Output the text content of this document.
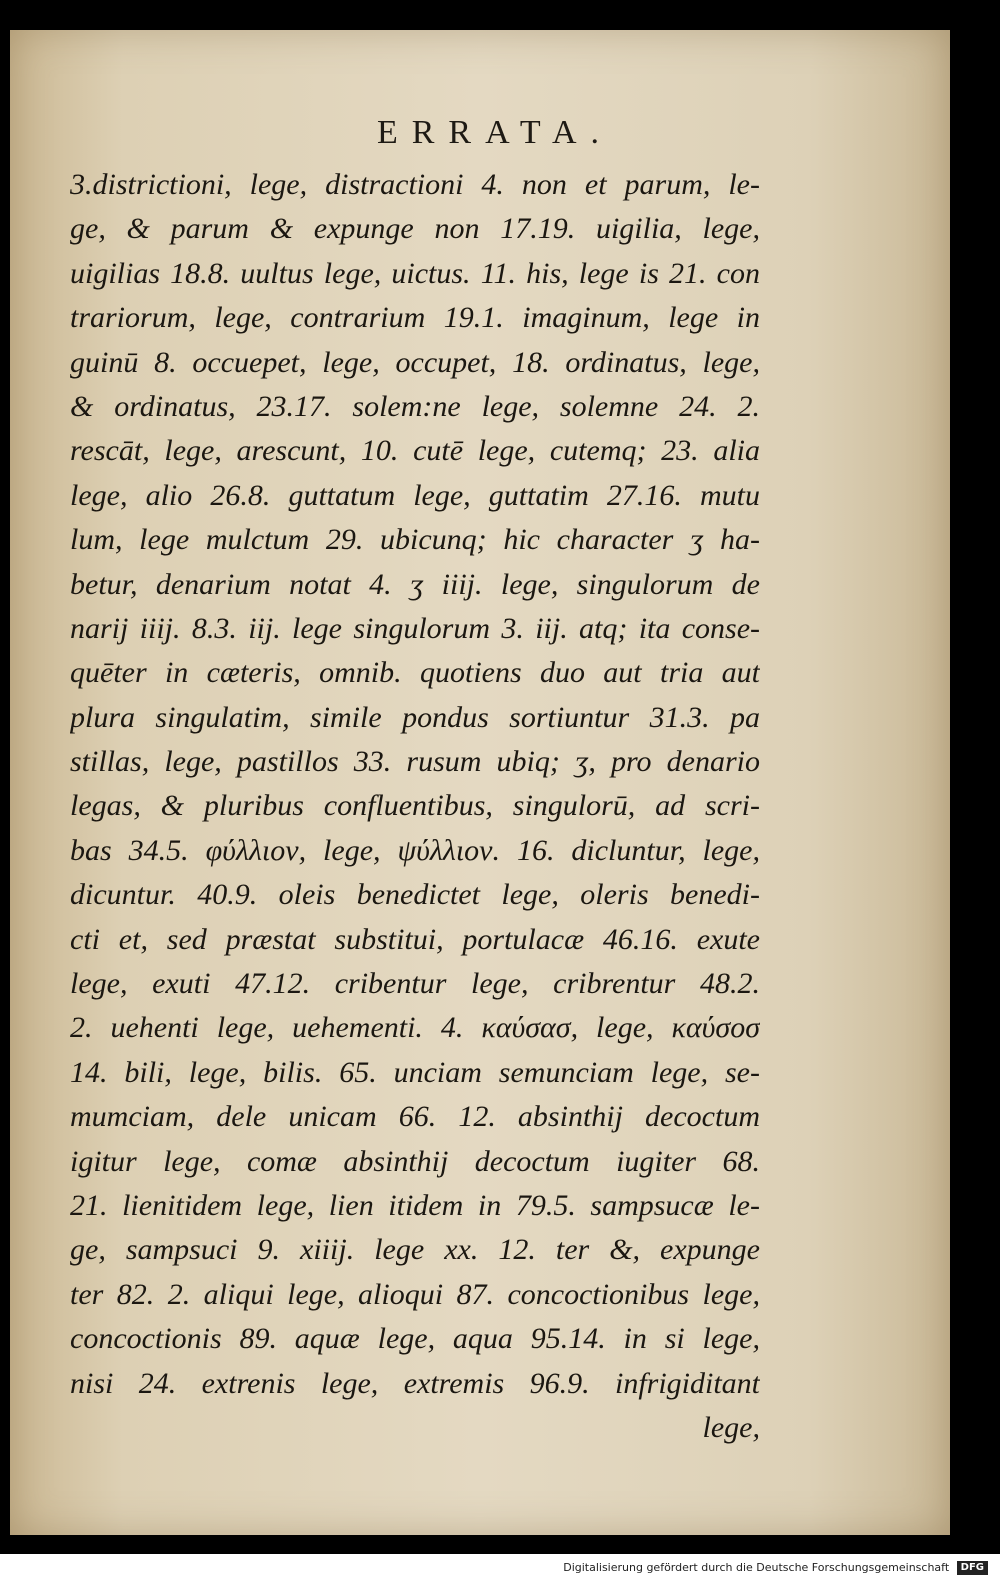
ERRATA.
3.districtioni, lege, distractioni 4. non et parum, le-
ge, & parum & expunge non 17.19. uigilia, lege,
uigilias 18.8. uultus lege, uictus. 11. his, lege is 21. con
trariorum, lege, contrarium 19.1. imaginum, lege in
guinū 8. occuepet, lege, occupet, 18. ordinatus, lege,
& ordinatus, 23.17. solem:ne lege, solemne 24. 2.
rescāt, lege, arescunt, 10. cutē lege, cutemq; 23. alia
lege, alio 26.8. guttatum lege, guttatim 27.16. mutu
lum, lege mulctum 29. ubicunq; hic character ʒ ha-
betur, denarium notat 4. ʒ iiij. lege, singulorum de
narij iiij. 8.3. iij. lege singulorum 3. iij. atq; ita conse-
quēter in cæteris, omnib. quotiens duo aut tria aut
plura singulatim, simile pondus sortiuntur 31.3. pa
stillas, lege, pastillos 33. rusum ubiq; ʒ, pro denario
legas, & pluribus confluentibus, singulorū, ad scri-
bas 34.5. φύλλιον, lege, ψύλλιον. 16. dicluntur, lege,
dicuntur. 40.9. oleis benedictet lege, oleris benedi-
cti et, sed præstat substitui, portulacæ 46.16. exute
lege, exuti 47.12. cribentur lege, cribrentur 48.2.
2. uehenti lege, uehementi. 4. καύσασ, lege, καύσοσ
14. bili, lege, bilis. 65. unciam semunciam lege, se-
mumciam, dele unicam 66. 12. absinthij decoctum
igitur lege, comæ absinthij decoctum iugiter 68.
21. lienitidem lege, lien itidem in 79.5. sampsucæ le-
ge, sampsuci 9. xiiij. lege xx. 12. ter &, expunge
ter 82. 2. aliqui lege, alioqui 87. concoctionibus lege,
concoctionis 89. aquæ lege, aqua 95.14. in si lege,
nisi 24. extrenis lege, extremis 96.9. infrigiditant
lege,
Digitalisierung gefördert durch die Deutsche Forschungsgemeinschaft DFG
